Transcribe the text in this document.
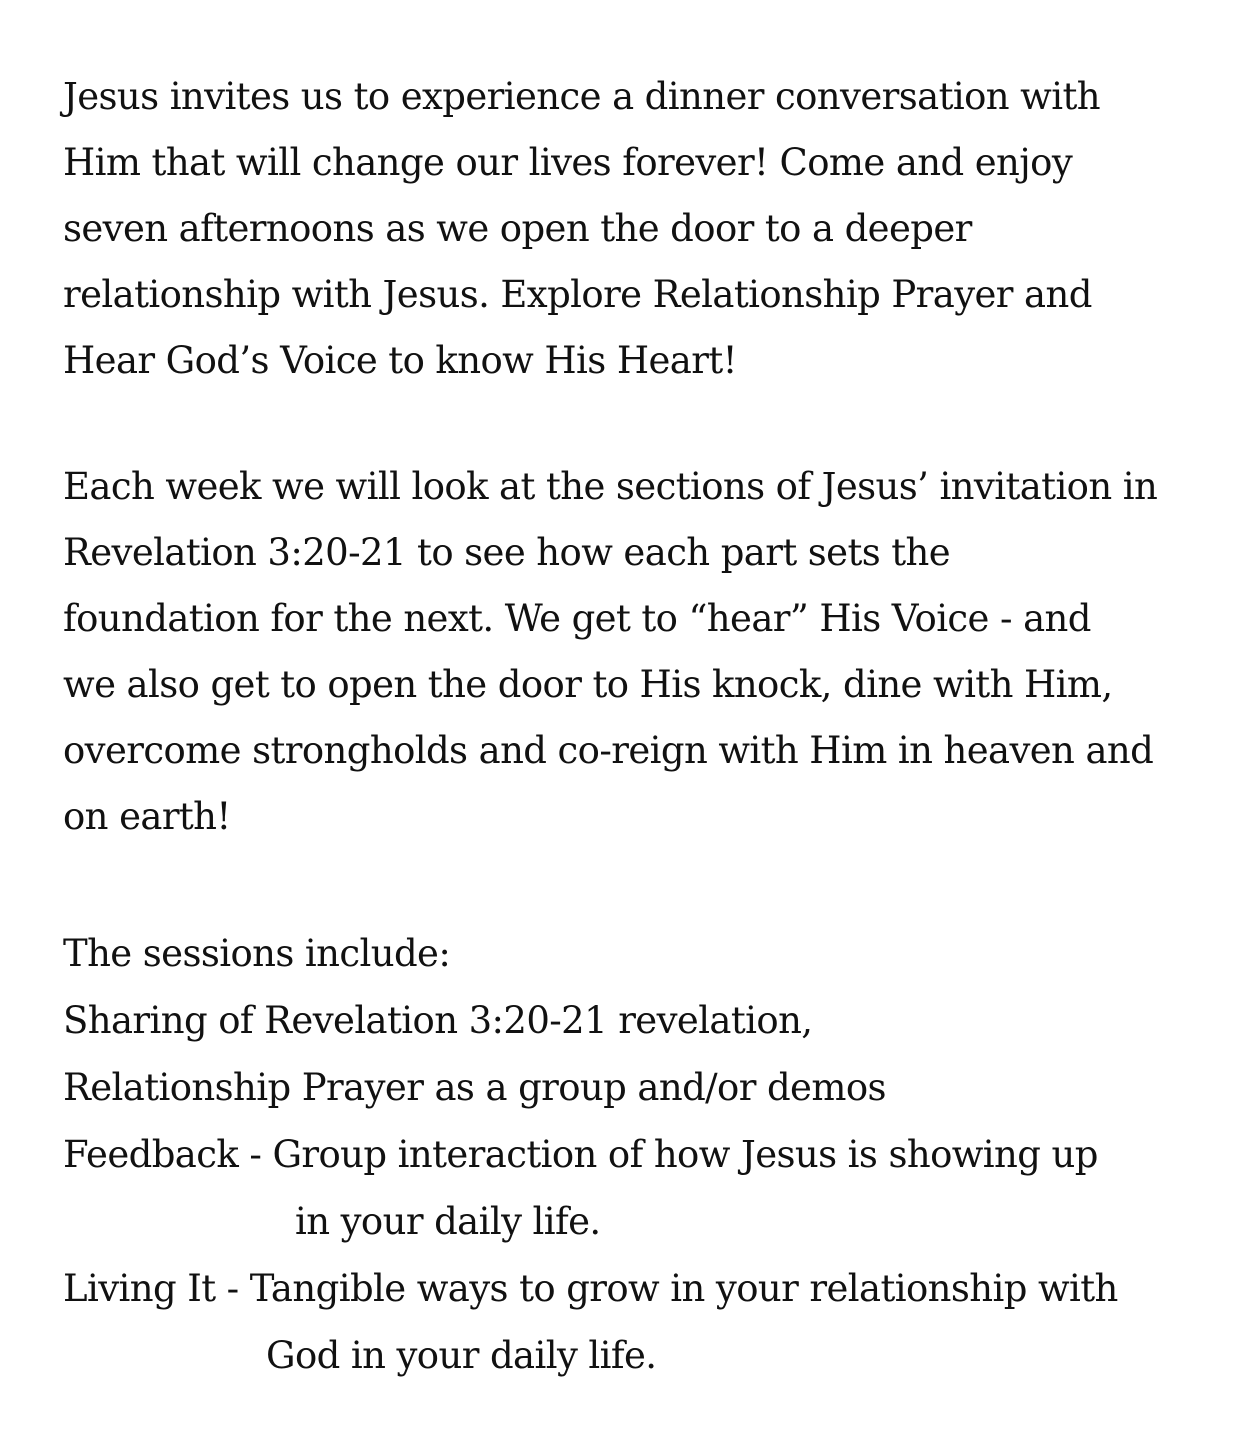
Jesus invites us to experience a dinner conversation with
Him that will change our lives forever! Come and enjoy
seven afternoons as we open the door to a deeper
relationship with Jesus. Explore Relationship Prayer and
Hear God’s Voice to know His Heart!
Each week we will look at the sections of Jesus’ invitation in
Revelation 3:20-21 to see how each part sets the
foundation for the next. We get to “hear” His Voice - and
we also get to open the door to His knock, dine with Him,
overcome strongholds and co-reign with Him in heaven and
on earth!
The sessions include:
Sharing of Revelation 3:20-21 revelation,
Relationship Prayer as a group and/or demos
Feedback - Group interaction of how Jesus is showing up
in your daily life.
Living It - Tangible ways to grow in your relationship with
God in your daily life.
